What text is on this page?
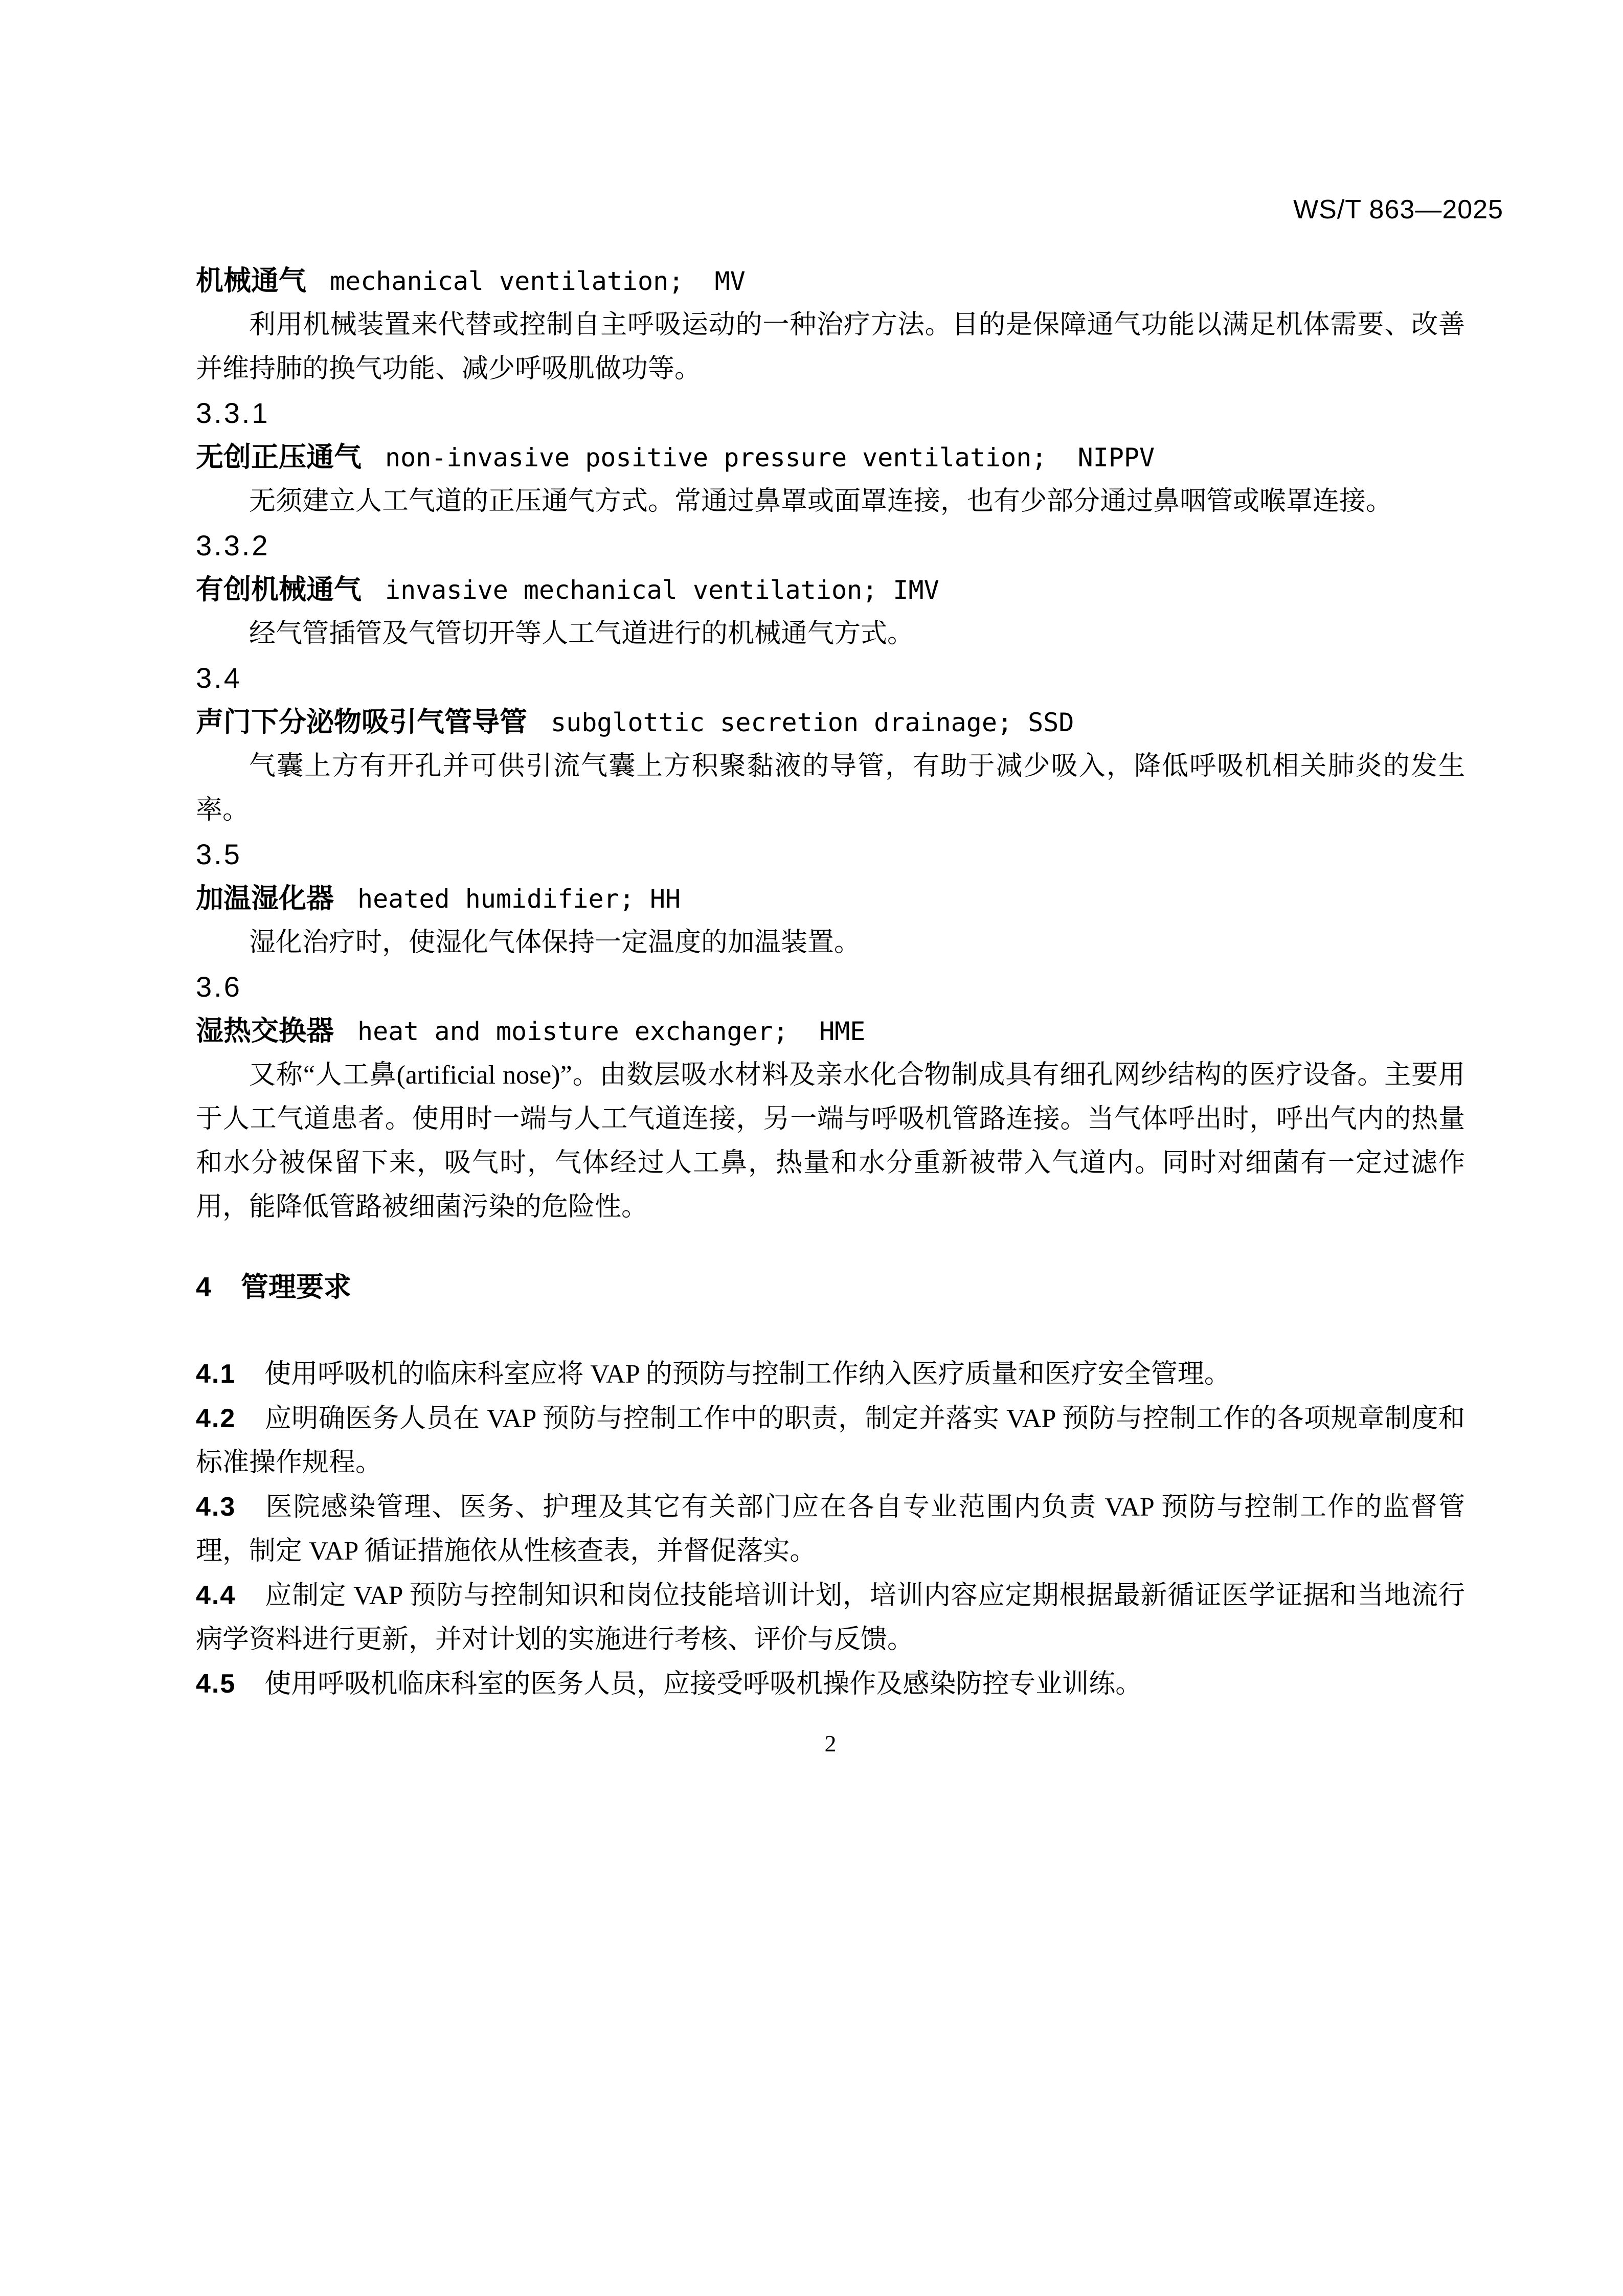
WS/T 863—2025

机械通气 mechanical ventilation;  MV

利用机械装置来代替或控制自主呼吸运动的一种治疗方法。目的是保障通气功能以满足机体需要、改善并维持肺的换气功能、减少呼吸肌做功等。

3.3.1

无创正压通气 non-invasive positive pressure ventilation;  NIPPV

无须建立人工气道的正压通气方式。常通过鼻罩或面罩连接，也有少部分通过鼻咽管或喉罩连接。

3.3.2

有创机械通气 invasive mechanical ventilation; IMV

经气管插管及气管切开等人工气道进行的机械通气方式。

3.4

声门下分泌物吸引气管导管 subglottic secretion drainage; SSD

气囊上方有开孔并可供引流气囊上方积聚黏液的导管，有助于减少吸入，降低呼吸机相关肺炎的发生率。

3.5

加温湿化器 heated humidifier; HH

湿化治疗时，使湿化气体保持一定温度的加温装置。

3.6

湿热交换器 heat and moisture exchanger;  HME

又称“人工鼻(artificial nose)”。由数层吸水材料及亲水化合物制成具有细孔网纱结构的医疗设备。主要用于人工气道患者。使用时一端与人工气道连接，另一端与呼吸机管路连接。当气体呼出时，呼出气内的热量和水分被保留下来，吸气时，气体经过人工鼻，热量和水分重新被带入气道内。同时对细菌有一定过滤作用，能降低管路被细菌污染的危险性。

4 管理要求

4.1 使用呼吸机的临床科室应将 VAP 的预防与控制工作纳入医疗质量和医疗安全管理。

4.2 应明确医务人员在 VAP 预防与控制工作中的职责，制定并落实 VAP 预防与控制工作的各项规章制度和标准操作规程。

4.3 医院感染管理、医务、护理及其它有关部门应在各自专业范围内负责 VAP 预防与控制工作的监督管理，制定 VAP 循证措施依从性核查表，并督促落实。

4.4 应制定 VAP 预防与控制知识和岗位技能培训计划，培训内容应定期根据最新循证医学证据和当地流行病学资料进行更新，并对计划的实施进行考核、评价与反馈。

4.5 使用呼吸机临床科室的医务人员，应接受呼吸机操作及感染防控专业训练。

2
